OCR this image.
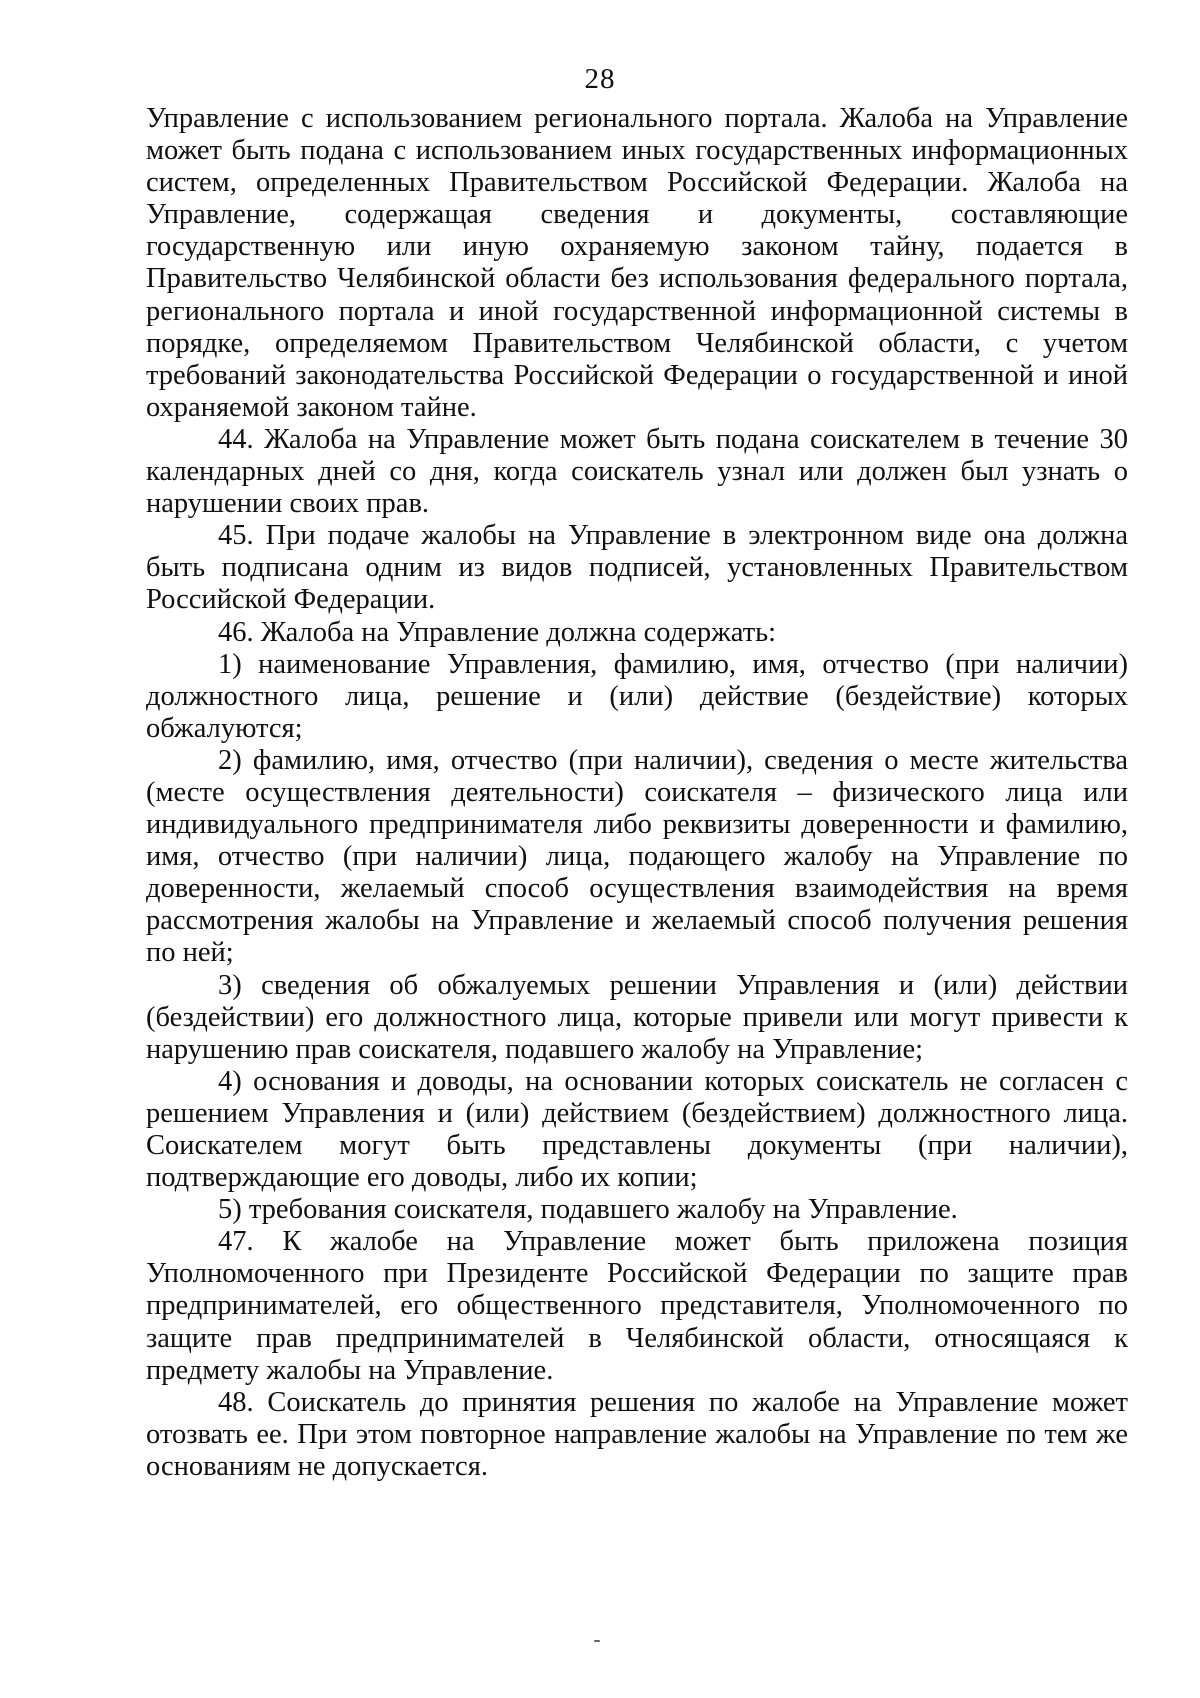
28

Управление с использованием регионального портала. Жалоба на Управление может быть подана с использованием иных государственных информационных систем, определенных Правительством Российской Федерации. Жалоба на Управление, содержащая сведения и документы, составляющие государственную или иную охраняемую законом тайну, подается в Правительство Челябинской области без использования федерального портала, регионального портала и иной государственной информационной системы в порядке, определяемом Правительством Челябинской области, с учетом требований законодательства Российской Федерации о государственной и иной охраняемой законом тайне.

44. Жалоба на Управление может быть подана соискателем в течение 30 календарных дней со дня, когда соискатель узнал или должен был узнать о нарушении своих прав.

45. При подаче жалобы на Управление в электронном виде она должна быть подписана одним из видов подписей, установленных Правительством Российской Федерации.

46. Жалоба на Управление должна содержать:

1) наименование Управления, фамилию, имя, отчество (при наличии) должностного лица, решение и (или) действие (бездействие) которых обжалуются;

2) фамилию, имя, отчество (при наличии), сведения о месте жительства (месте осуществления деятельности) соискателя – физического лица или индивидуального предпринимателя либо реквизиты доверенности и фамилию, имя, отчество (при наличии) лица, подающего жалобу на Управление по доверенности, желаемый способ осуществления взаимодействия на время рассмотрения жалобы на Управление и желаемый способ получения решения по ней;

3) сведения об обжалуемых решении Управления и (или) действии (бездействии) его должностного лица, которые привели или могут привести к нарушению прав соискателя, подавшего жалобу на Управление;

4) основания и доводы, на основании которых соискатель не согласен с решением Управления и (или) действием (бездействием) должностного лица. Соискателем могут быть представлены документы (при наличии), подтверждающие его доводы, либо их копии;

5) требования соискателя, подавшего жалобу на Управление.

47. К жалобе на Управление может быть приложена позиция Уполномоченного при Президенте Российской Федерации по защите прав предпринимателей, его общественного представителя, Уполномоченного по защите прав предпринимателей в Челябинской области, относящаяся к предмету жалобы на Управление.

48. Соискатель до принятия решения по жалобе на Управление может отозвать ее. При этом повторное направление жалобы на Управление по тем же основаниям не допускается.
